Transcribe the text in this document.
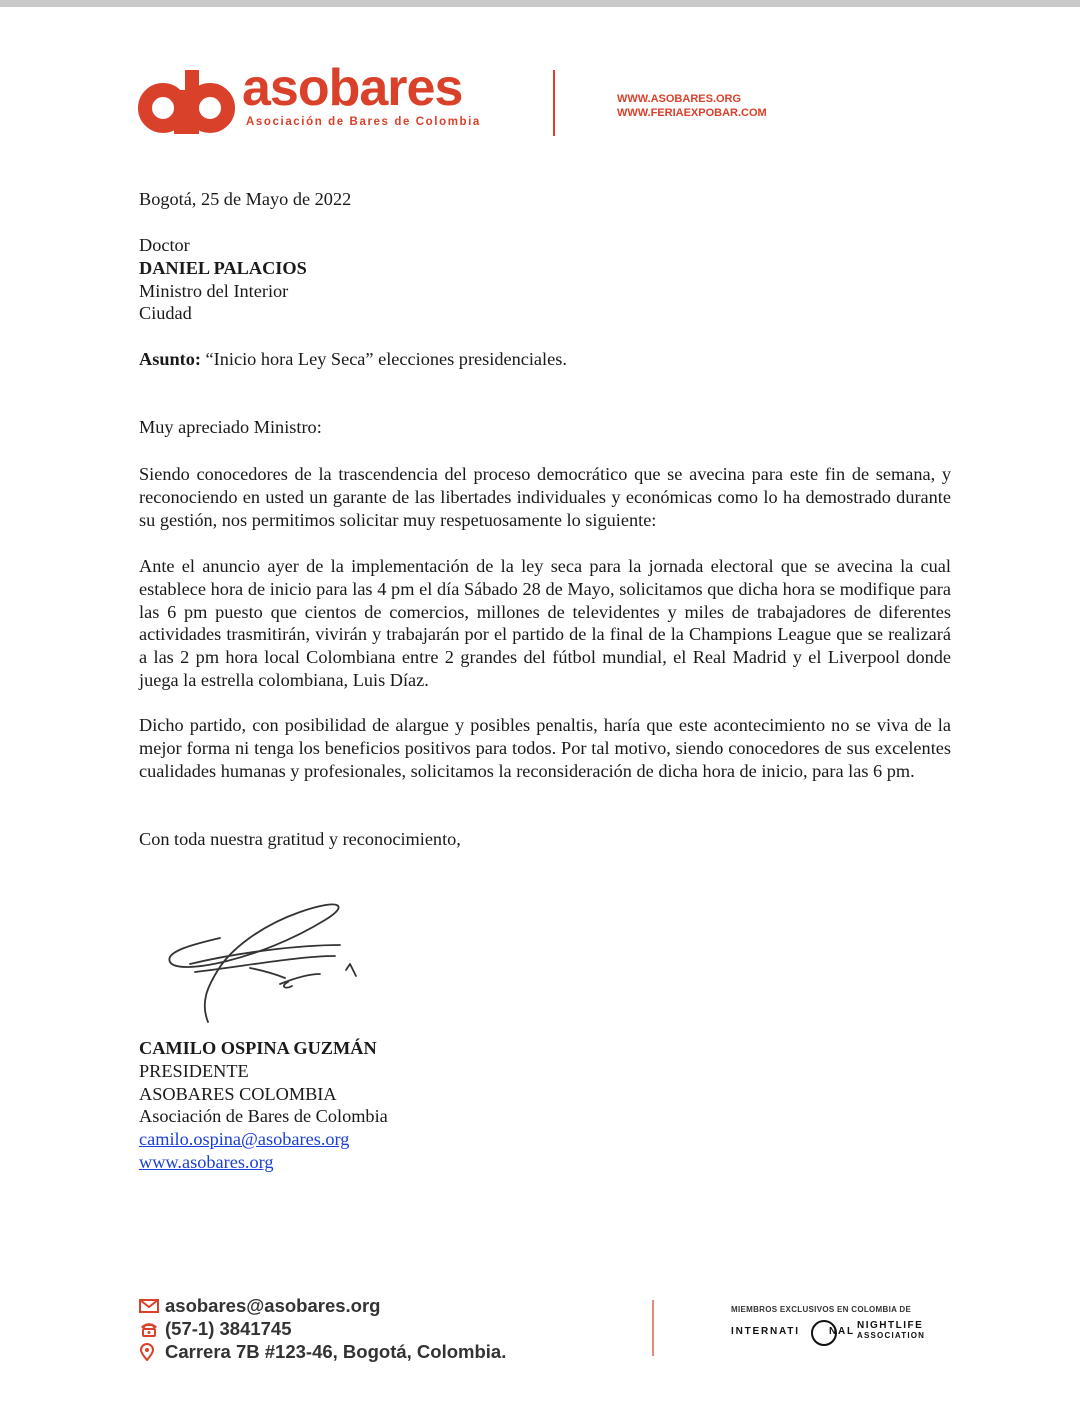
asobares
Asociación de Bares de Colombia
WWW.ASOBARES.ORG
WWW.FERIAEXPOBAR.COM
Bogotá, 25 de Mayo de 2022
Doctor
DANIEL PALACIOS
Ministro del Interior
Ciudad
Asunto: “Inicio hora Ley Seca” elecciones presidenciales.
Muy apreciado Ministro:
Siendo conocedores de la trascendencia del proceso democrático que se avecina para este fin de semana, y reconociendo en usted un garante de las libertades individuales y económicas como lo ha demostrado durante su gestión, nos permitimos solicitar muy respetuosamente lo siguiente:
Ante el anuncio ayer de la implementación de la ley seca para la jornada electoral que se avecina la cual establece hora de inicio para las 4 pm el día Sábado 28 de Mayo, solicitamos que dicha hora se modifique para las 6 pm puesto que cientos de comercios, millones de televidentes y miles de trabajadores de diferentes actividades trasmitirán, vivirán y trabajarán por el partido de la final de la Champions League que se realizará a las 2 pm hora local Colombiana entre 2 grandes del fútbol mundial, el Real Madrid y el Liverpool donde juega la estrella colombiana, Luis Díaz.
Dicho partido, con posibilidad de alargue y posibles penaltis, haría que este acontecimiento no se viva de la mejor forma ni tenga los beneficios positivos para todos. Por tal motivo, siendo conocedores de sus excelentes cualidades humanas y profesionales, solicitamos la reconsideración de dicha hora de inicio, para las 6 pm.
Con toda nuestra gratitud y reconocimiento,
CAMILO OSPINA GUZMÁN
PRESIDENTE
ASOBARES COLOMBIA
Asociación de Bares de Colombia
camilo.ospina@asobares.org
www.asobares.org
asobares@asobares.org
(57-1) 3841745
Carrera 7B #123-46, Bogotá, Colombia.
MIEMBROS EXCLUSIVOS EN COLOMBIA DE
INTERNATI	NAL
NIGHTLIFE
ASSOCIATION
